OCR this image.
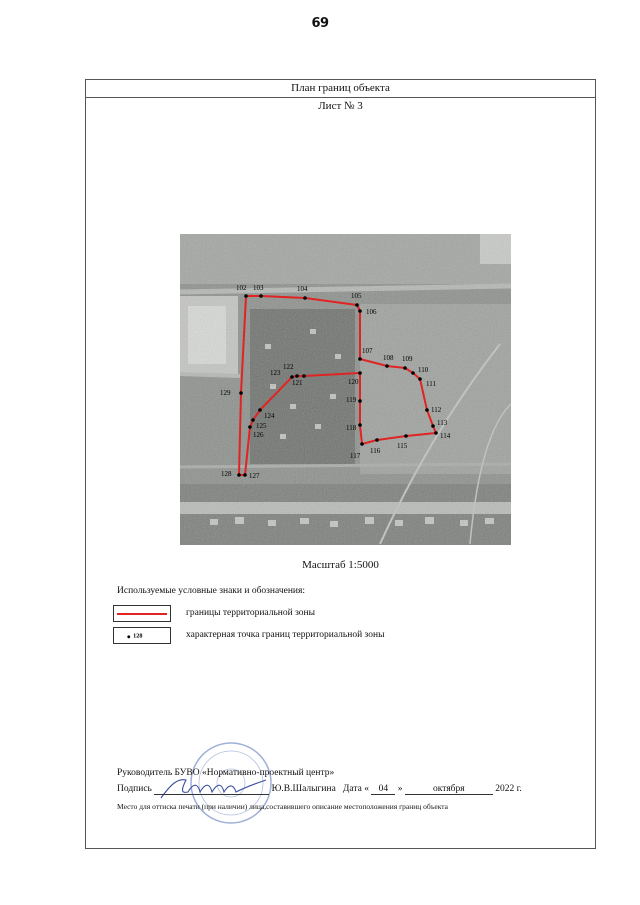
69
План границ объекта
Лист № 3
102 103	104
105
106
107
108 109
110
111
112
113
114
115
116
117
118
119
120
121
122
123
124
125
126
127
128
129
Масштаб 1:5000
Используемые условные знаки и обозначения:
границы территориальной зоны
128	характерная точка границ территориальной зоны
Руководитель БУВО «Нормативно-проектный центр»
Подпись	Ю.В.Шалыгина Дата « 04 »	октября	2022 г.
Место для оттиска печати (при наличии) лица,составившего описание местоположения границ объекта
